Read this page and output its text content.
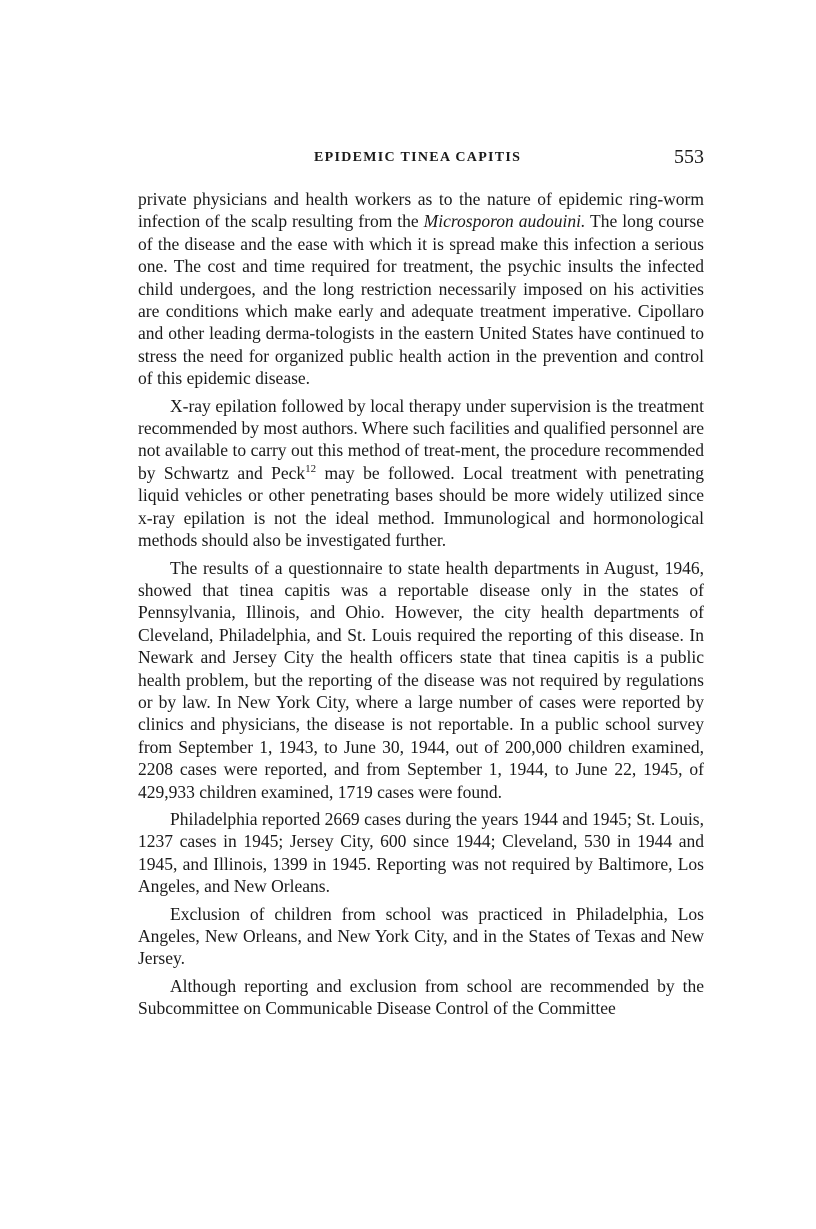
EPIDEMIC TINEA CAPITIS	553

private physicians and health workers as to the nature of epidemic ring-worm infection of the scalp resulting from the Microsporon audouini. The long course of the disease and the ease with which it is spread make this infection a serious one. The cost and time required for treatment, the psychic insults the infected child undergoes, and the long restriction necessarily imposed on his activities are conditions which make early and adequate treatment imperative. Cipollaro and other leading derma-tologists in the eastern United States have continued to stress the need for organized public health action in the prevention and control of this epidemic disease.

X-ray epilation followed by local therapy under supervision is the treatment recommended by most authors. Where such facilities and qualified personnel are not available to carry out this method of treat-ment, the procedure recommended by Schwartz and Peck$^{12}$ may be followed. Local treatment with penetrating liquid vehicles or other penetrating bases should be more widely utilized since x-ray epilation is not the ideal method. Immunological and hormonological methods should also be investigated further.

The results of a questionnaire to state health departments in August, 1946, showed that tinea capitis was a reportable disease only in the states of Pennsylvania, Illinois, and Ohio. However, the city health departments of Cleveland, Philadelphia, and St. Louis required the reporting of this disease. In Newark and Jersey City the health officers state that tinea capitis is a public health problem, but the reporting of the disease was not required by regulations or by law. In New York City, where a large number of cases were reported by clinics and physicians, the disease is not reportable. In a public school survey from September 1, 1943, to June 30, 1944, out of 200,000 children examined, 2208 cases were reported, and from September 1, 1944, to June 22, 1945, of 429,933 children examined, 1719 cases were found.

Philadelphia reported 2669 cases during the years 1944 and 1945; St. Louis, 1237 cases in 1945; Jersey City, 600 since 1944; Cleveland, 530 in 1944 and 1945, and Illinois, 1399 in 1945. Reporting was not required by Baltimore, Los Angeles, and New Orleans.

Exclusion of children from school was practiced in Philadelphia, Los Angeles, New Orleans, and New York City, and in the States of Texas and New Jersey.

Although reporting and exclusion from school are recommended by the Subcommittee on Communicable Disease Control of the Committee
